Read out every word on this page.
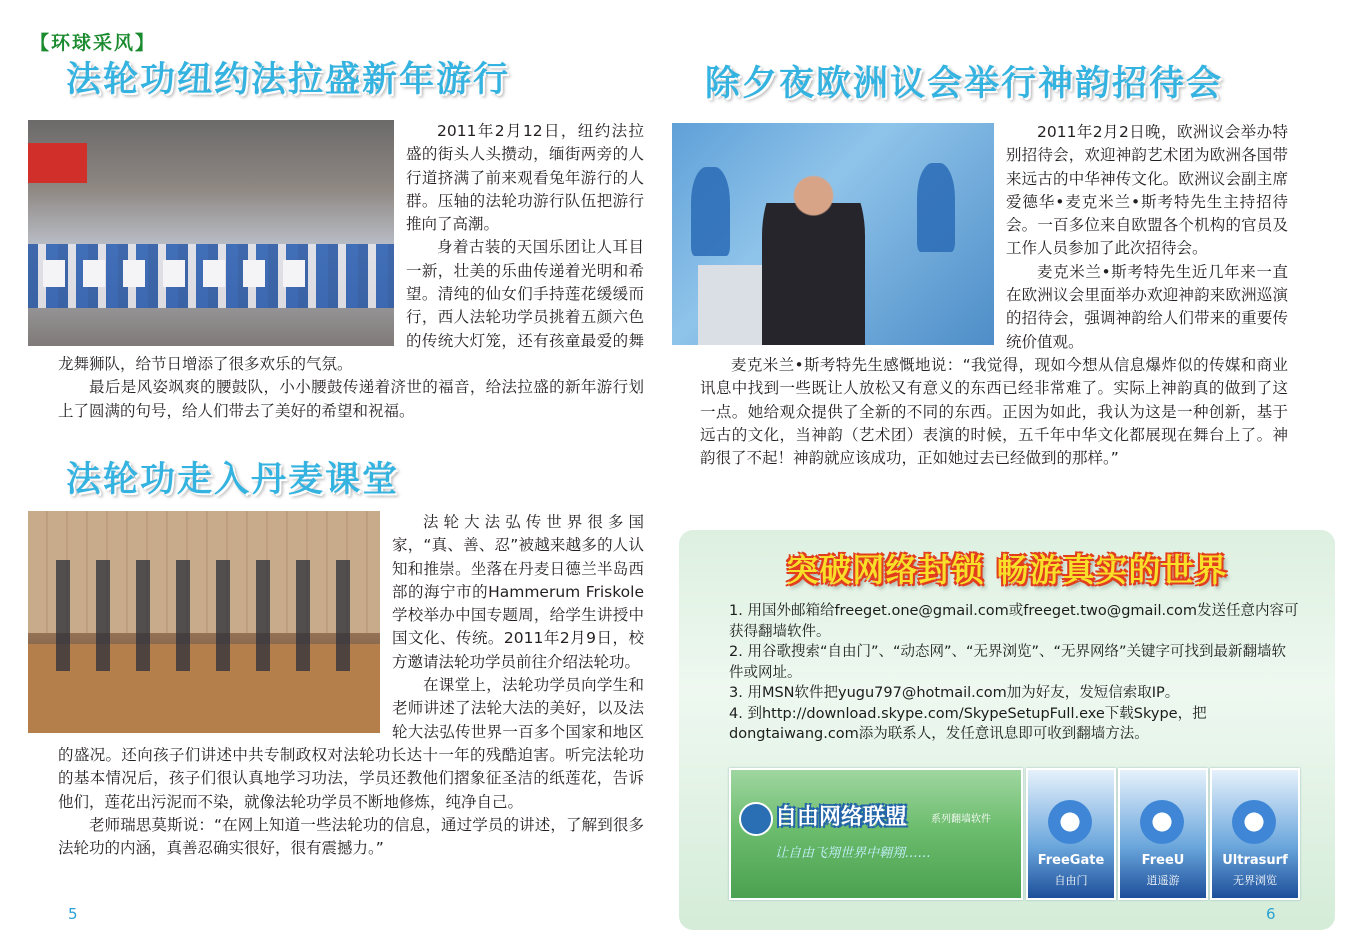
【环球采风】
法轮功纽约法拉盛新年游行

2011年2月12日，纽约法拉盛的街头人头攒动，缅街两旁的人行道挤满了前来观看兔年游行的人群。压轴的法轮功游行队伍把游行推向了高潮。

身着古装的天国乐团让人耳目一新，壮美的乐曲传递着光明和希望。清纯的仙女们手持莲花缓缓而行，西人法轮功学员挑着五颜六色的传统大灯笼，还有孩童最爱的舞龙舞狮队，给节日增添了很多欢乐的气氛。

最后是风姿飒爽的腰鼓队，小小腰鼓传递着济世的福音，给法拉盛的新年游行划上了圆满的句号，给人们带去了美好的希望和祝福。

法轮功走入丹麦课堂

法轮大法弘传世界很多国家，“真、善、忍”被越来越多的人认知和推崇。坐落在丹麦日德兰半岛西部的海宁市的Hammerum Friskole学校举办中国专题周，给学生讲授中国文化、传统。2011年2月9日，校方邀请法轮功学员前往介绍法轮功。

在课堂上，法轮功学员向学生和老师讲述了法轮大法的美好，以及法轮大法弘传世界一百多个国家和地区的盛况。还向孩子们讲述中共专制政权对法轮功长达十一年的残酷迫害。听完法轮功的基本情况后，孩子们很认真地学习功法，学员还教他们摺象征圣洁的纸莲花，告诉他们，莲花出污泥而不染，就像法轮功学员不断地修炼，纯净自己。

老师瑞思莫斯说：“在网上知道一些法轮功的信息，通过学员的讲述，了解到很多法轮功的内涵，真善忍确实很好，很有震撼力。”

除夕夜欧洲议会举行神韵招待会

2011年2月2日晚，欧洲议会举办特别招待会，欢迎神韵艺术团为欧洲各国带来远古的中华神传文化。欧洲议会副主席爱德华•麦克米兰•斯考特先生主持招待会。一百多位来自欧盟各个机构的官员及工作人员参加了此次招待会。

麦克米兰•斯考特先生近几年来一直在欧洲议会里面举办欢迎神韵来欧洲巡演的招待会，强调神韵给人们带来的重要传统价值观。

麦克米兰•斯考特先生感慨地说：“我觉得，现如今想从信息爆炸似的传媒和商业讯息中找到一些既让人放松又有意义的东西已经非常难了。实际上神韵真的做到了这一点。她给观众提供了全新的不同的东西。正因为如此，我认为这是一种创新，基于远古的文化，当神韵（艺术团）表演的时候，五千年中华文化都展现在舞台上了。神韵很了不起！神韵就应该成功，正如她过去已经做到的那样。”

突破网络封锁 畅游真实的世界

1. 用国外邮箱给freeget.one@gmail.com或freeget.two@gmail.com发送任意内容可获得翻墙软件。

2. 用谷歌搜索“自由门”、“动态网”、“无界浏览”、“无界网络”关键字可找到最新翻墙软件或网址。

3. 用MSN软件把yugu797@hotmail.com加为好友，发短信索取IP。

4. 到http://download.skype.com/SkypeSetupFull.exe下载Skype，把dongtaiwang.com添为联系人，发任意讯息即可收到翻墙方法。

自由网络联盟 系列翻墙软件
让自由飞翔世界中翱翔……	FreeGate
自由门
FreeU
逍遥游
Ultrasurf
无界浏览
5	6
